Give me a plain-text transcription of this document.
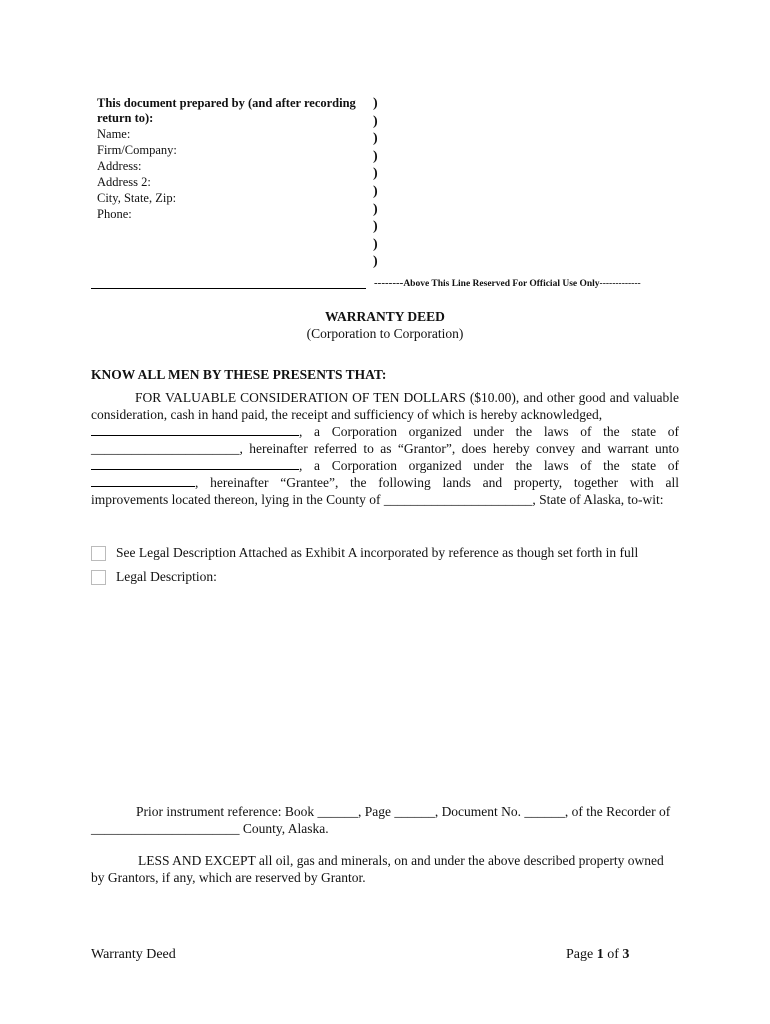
This document prepared by (and after recording
return to):
Name:
Firm/Company:
Address:
Address 2:
City, State, Zip:
Phone:
)
)
)
)
)
)
)
)
)
)
--------Above This Line Reserved For Official Use Only-------------
WARRANTY DEED
(Corporation to Corporation)
KNOW ALL MEN BY THESE PRESENTS THAT:

FOR VALUABLE CONSIDERATION OF TEN DOLLARS ($10.00), and other good and valuable consideration, cash in hand paid, the receipt and sufficiency of which is hereby acknowledged,

, a Corporation organized under the laws of the state of

______________________, hereinafter referred to as “Grantor”, does hereby convey and warrant unto

, a Corporation organized under the laws of the state of

, hereinafter “Grantee”, the following lands and property, together with all

improvements located thereon, lying in the County of ______________________, State of Alaska, to-wit:

See Legal Description Attached as Exhibit A incorporated by reference as though set forth in full
Legal Description:

Prior instrument reference: Book ______, Page ______, Document No. ______, of the Recorder of

______________________ County, Alaska.

LESS AND EXCEPT all oil, gas and minerals, on and under the above described property owned

by Grantors, if any, which are reserved by Grantor.

Warranty Deed	Page 1 of 3
